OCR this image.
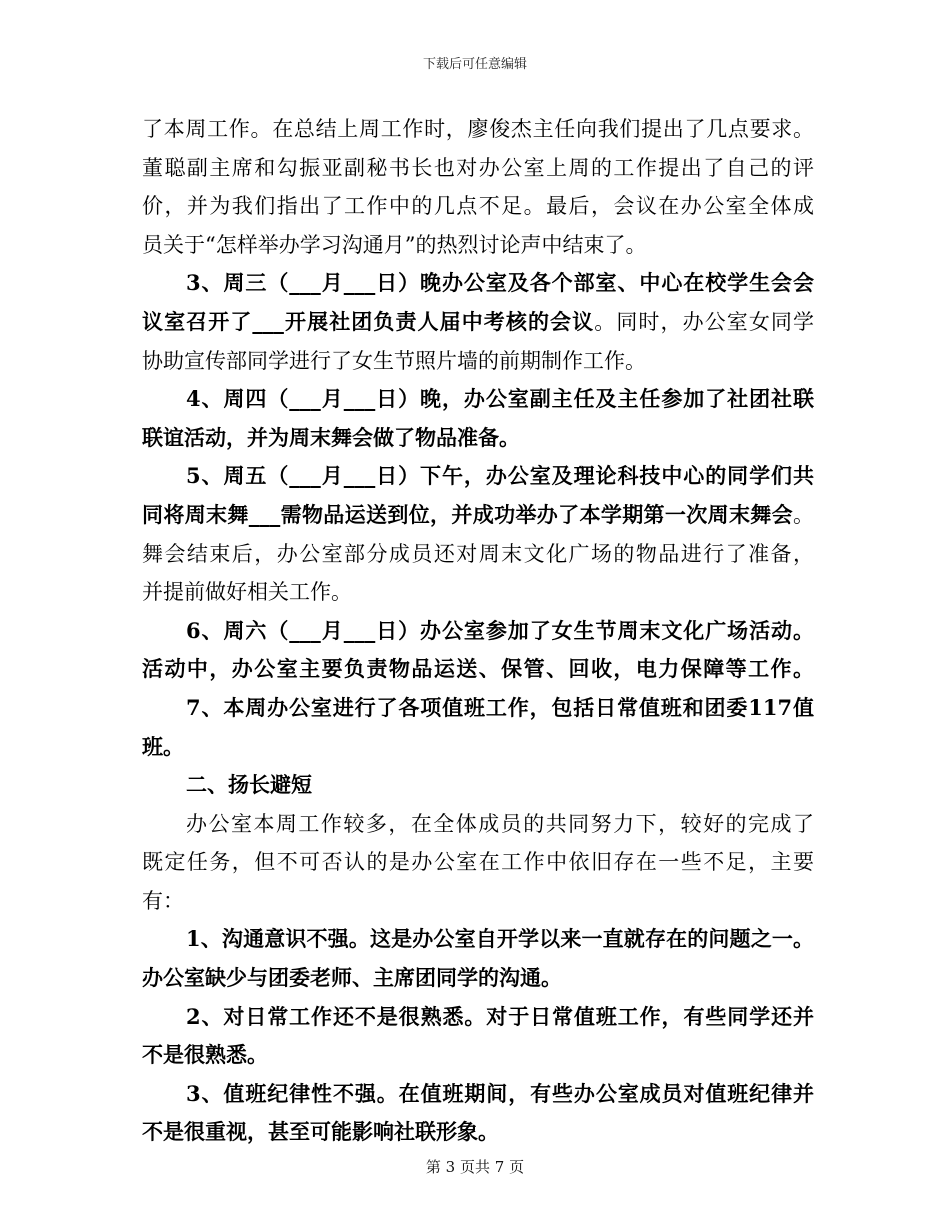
下载后可任意编辑
了本周工作。在总结上周工作时，廖俊杰主任向我们提出了几点要求。
董聪副主席和勾振亚副秘书长也对办公室上周的工作提出了自己的评
价，并为我们指出了工作中的几点不足。最后，会议在办公室全体成
员关于“怎样举办学习沟通月”的热烈讨论声中结束了。
3、周三（___月___日）晚办公室及各个部室、中心在校学生会会
议室召开了___开展社团负责人届中考核的会议。同时，办公室女同学
协助宣传部同学进行了女生节照片墙的前期制作工作。
4、周四（___月___日）晚，办公室副主任及主任参加了社团社联
联谊活动，并为周末舞会做了物品准备。
5、周五（___月___日）下午，办公室及理论科技中心的同学们共
同将周末舞___需物品运送到位，并成功举办了本学期第一次周末舞会。
舞会结束后，办公室部分成员还对周末文化广场的物品进行了准备，
并提前做好相关工作。
6、周六（___月___日）办公室参加了女生节周末文化广场活动。
活动中，办公室主要负责物品运送、保管、回收，电力保障等工作。
7、本周办公室进行了各项值班工作，包括日常值班和团委117值
班。
二、扬长避短
办公室本周工作较多，在全体成员的共同努力下，较好的完成了
既定任务，但不可否认的是办公室在工作中依旧存在一些不足，主要
有：
1、沟通意识不强。这是办公室自开学以来一直就存在的问题之一。
办公室缺少与团委老师、主席团同学的沟通。
2、对日常工作还不是很熟悉。对于日常值班工作，有些同学还并
不是很熟悉。
3、值班纪律性不强。在值班期间，有些办公室成员对值班纪律并
不是很重视，甚至可能影响社联形象。
第 3 页共 7 页
